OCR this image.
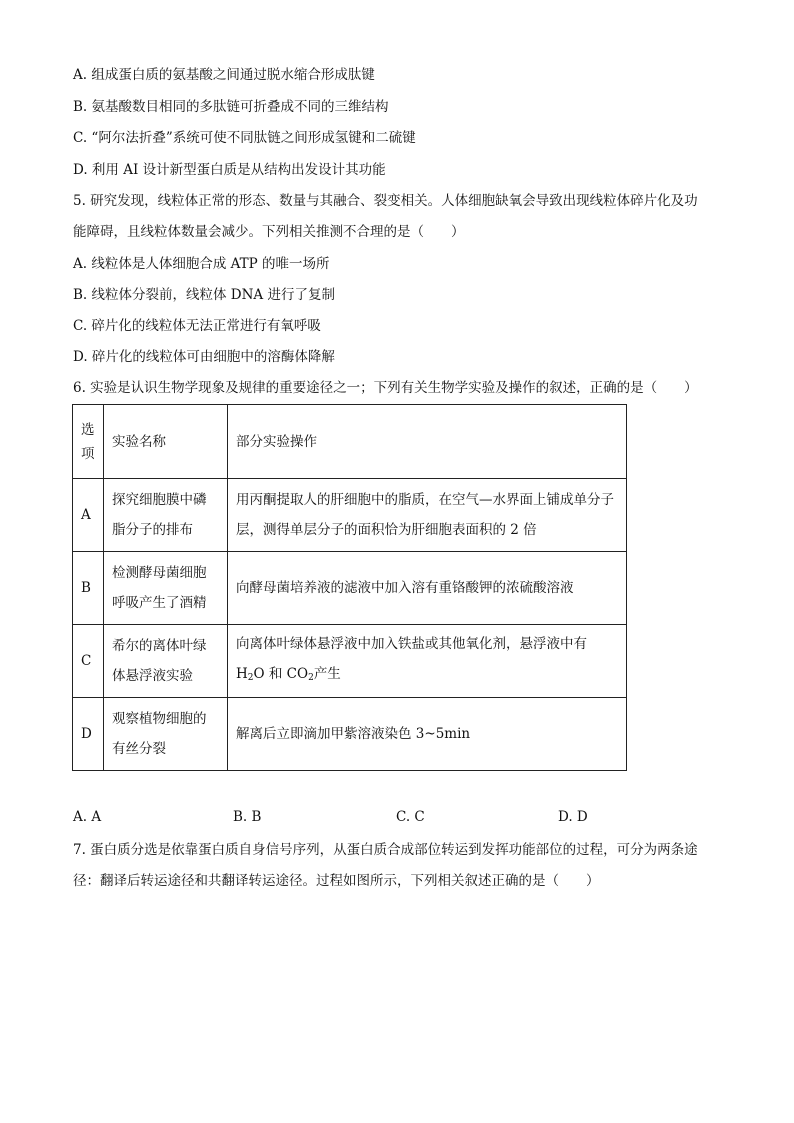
A. 组成蛋白质的氨基酸之间通过脱水缩合形成肽键
B. 氨基酸数目相同的多肽链可折叠成不同的三维结构
C. “阿尔法折叠”系统可使不同肽链之间形成氢键和二硫键
D. 利用 AI 设计新型蛋白质是从结构出发设计其功能
5. 研究发现，线粒体正常的形态、数量与其融合、裂变相关。人体细胞缺氧会导致出现线粒体碎片化及功
能障碍，且线粒体数量会减少。下列相关推测不合理的是（　　）
A. 线粒体是人体细胞合成 ATP 的唯一场所
B. 线粒体分裂前，线粒体 DNA 进行了复制
C. 碎片化的线粒体无法正常进行有氧呼吸
D. 碎片化的线粒体可由细胞中的溶酶体降解
6. 实验是认识生物学现象及规律的重要途径之一；下列有关生物学实验及操作的叙述，正确的是（　　）
选项	实验名称	部分实验操作
A	探究细胞膜中磷脂分子的排布	用丙酮提取人的肝细胞中的脂质，在空气—水界面上铺成单分子层，测得单层分子的面积恰为肝细胞表面积的 2 倍
B	检测酵母菌细胞呼吸产生了酒精	向酵母菌培养液的滤液中加入溶有重铬酸钾的浓硫酸溶液
C	希尔的离体叶绿体悬浮液实验	向离体叶绿体悬浮液中加入铁盐或其他氧化剂，悬浮液中有 $H_2O$ 和 $CO_2$产生
D	观察植物细胞的有丝分裂	解离后立即滴加甲紫溶液染色 3~5min
A. A	B. B	C. C	D. D
7. 蛋白质分选是依靠蛋白质自身信号序列，从蛋白质合成部位转运到发挥功能部位的过程，可分为两条途
径：翻译后转运途径和共翻译转运途径。过程如图所示，下列相关叙述正确的是（　　）
